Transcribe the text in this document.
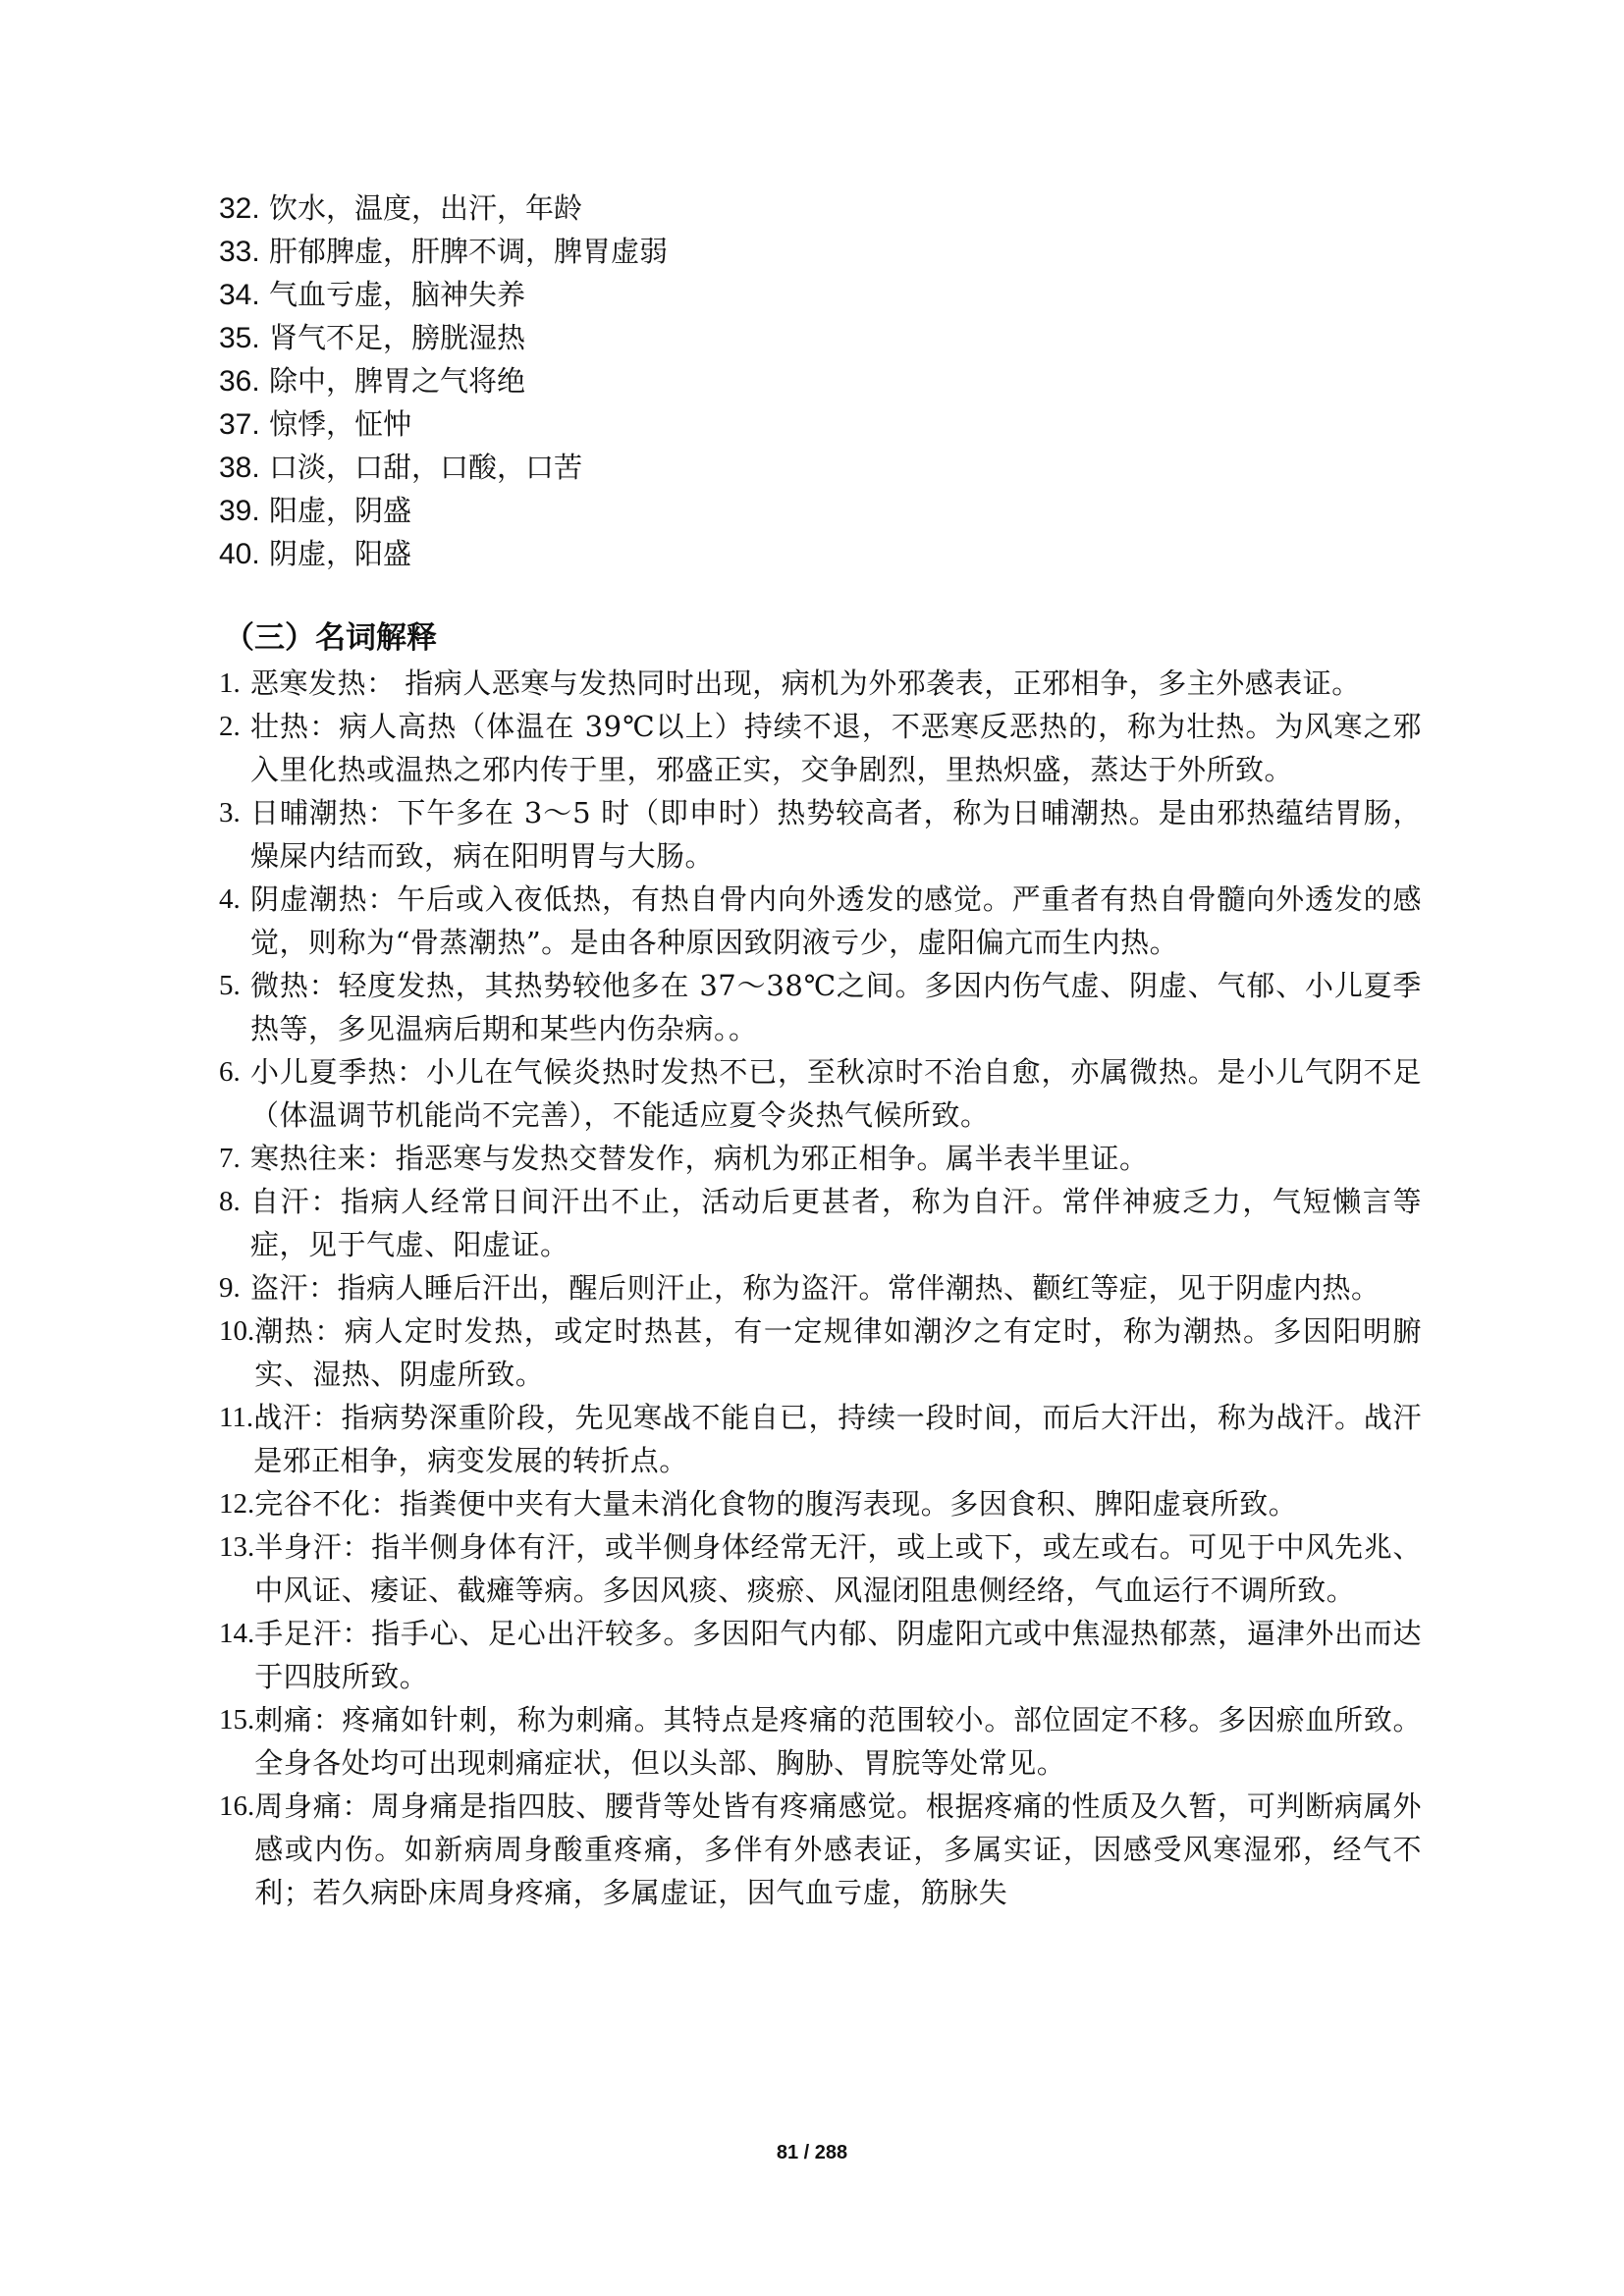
32. 饮水，温度，出汗，年龄
33. 肝郁脾虚，肝脾不调，脾胃虚弱
34. 气血亏虚，脑神失养
35. 肾气不足，膀胱湿热
36. 除中，脾胃之气将绝
37. 惊悸，怔忡
38. 口淡，口甜，口酸，口苦
39. 阳虚，阴盛
40. 阴虚，阳盛
（三）名词解释
1. 恶寒发热： 指病人恶寒与发热同时出现，病机为外邪袭表，正邪相争，多主外感表证。
2. 壮热：病人高热（体温在 39℃以上）持续不退，不恶寒反恶热的，称为壮热。为风寒之邪入里化热或温热之邪内传于里，邪盛正实，交争剧烈，里热炽盛，蒸达于外所致。
3. 日晡潮热：下午多在 3～5 时（即申时）热势较高者，称为日晡潮热。是由邪热蕴结胃肠，燥屎内结而致，病在阳明胃与大肠。
4. 阴虚潮热：午后或入夜低热，有热自骨内向外透发的感觉。严重者有热自骨髓向外透发的感觉，则称为“骨蒸潮热”。是由各种原因致阴液亏少，虚阳偏亢而生内热。
5. 微热：轻度发热，其热势较他多在 37～38℃之间。多因内伤气虚、阴虚、气郁、小儿夏季热等，多见温病后期和某些内伤杂病。。
6. 小儿夏季热：小儿在气候炎热时发热不已，至秋凉时不治自愈，亦属微热。是小儿气阴不足（体温调节机能尚不完善），不能适应夏令炎热气候所致。
7. 寒热往来：指恶寒与发热交替发作，病机为邪正相争。属半表半里证。
8. 自汗：指病人经常日间汗出不止，活动后更甚者，称为自汗。常伴神疲乏力，气短懒言等症，见于气虚、阳虚证。
9. 盗汗：指病人睡后汗出，醒后则汗止，称为盗汗。常伴潮热、颧红等症，见于阴虚内热。
10. 潮热：病人定时发热，或定时热甚，有一定规律如潮汐之有定时，称为潮热。多因阳明腑实、湿热、阴虚所致。
11. 战汗：指病势深重阶段，先见寒战不能自已，持续一段时间，而后大汗出，称为战汗。战汗是邪正相争，病变发展的转折点。
12. 完谷不化：指粪便中夹有大量未消化食物的腹泻表现。多因食积、脾阳虚衰所致。
13. 半身汗：指半侧身体有汗，或半侧身体经常无汗，或上或下，或左或右。可见于中风先兆、中风证、痿证、截瘫等病。多因风痰、痰瘀、风湿闭阻患侧经络，气血运行不调所致。
14. 手足汗：指手心、足心出汗较多。多因阳气内郁、阴虚阳亢或中焦湿热郁蒸，逼津外出而达于四肢所致。
15. 刺痛：疼痛如针刺，称为刺痛。其特点是疼痛的范围较小。部位固定不移。多因瘀血所致。全身各处均可出现刺痛症状，但以头部、胸胁、胃脘等处常见。
16. 周身痛：周身痛是指四肢、腰背等处皆有疼痛感觉。根据疼痛的性质及久暂，可判断病属外感或内伤。如新病周身酸重疼痛，多伴有外感表证，多属实证，因感受风寒湿邪，经气不利；若久病卧床周身疼痛，多属虚证，因气血亏虚，筋脉失
81 / 288
